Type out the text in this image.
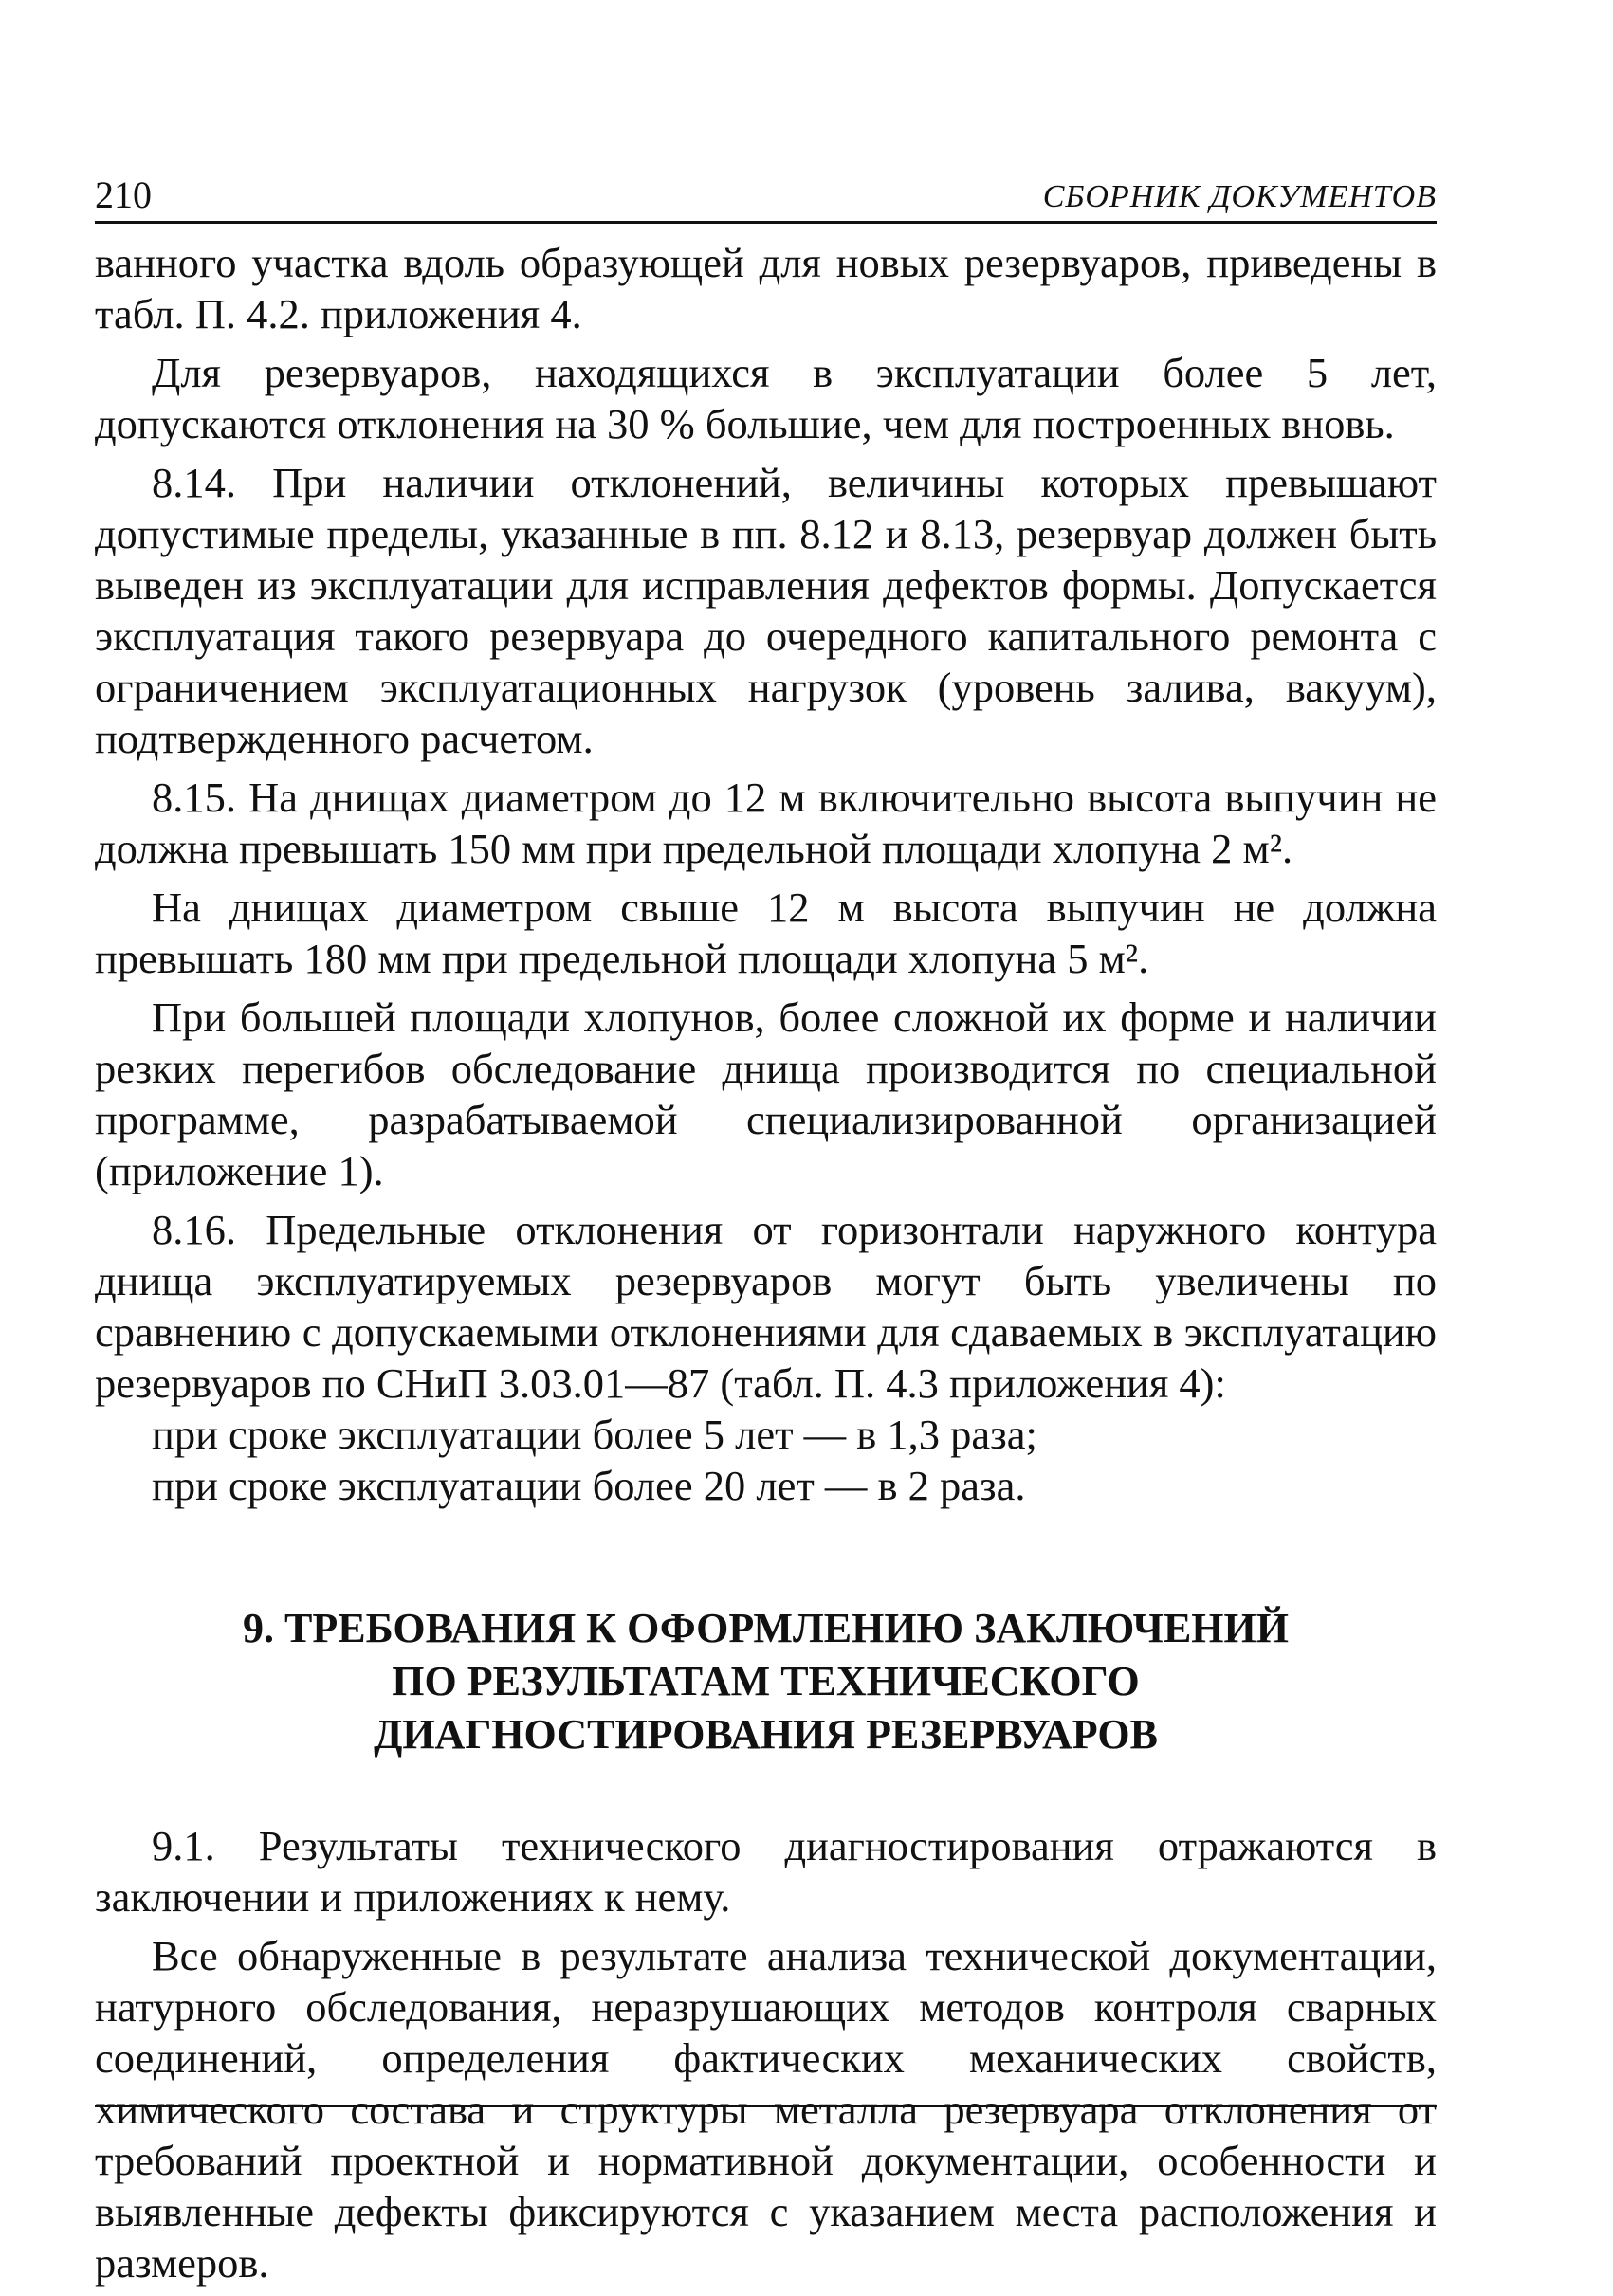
210	СБОРНИК ДОКУМЕНТОВ

ванного участка вдоль образующей для новых резервуаров, приведены в табл. П. 4.2. приложения 4.

Для резервуаров, находящихся в эксплуатации более 5 лет, допускаются отклонения на 30 % большие, чем для построенных вновь.

8.14. При наличии отклонений, величины которых превышают допустимые пределы, указанные в пп. 8.12 и 8.13, резервуар должен быть выведен из эксплуатации для исправления дефектов формы. Допускается эксплуатация такого резервуара до очередного капитального ремонта с ограничением эксплуатационных нагрузок (уровень залива, вакуум), подтвержденного расчетом.

8.15. На днищах диаметром до 12 м включительно высота выпучин не должна превышать 150 мм при предельной площади хлопуна 2 м².

На днищах диаметром свыше 12 м высота выпучин не должна превышать 180 мм при предельной площади хлопуна 5 м².

При большей площади хлопунов, более сложной их форме и наличии резких перегибов обследование днища производится по специальной программе, разрабатываемой специализированной организацией (приложение 1).

8.16. Предельные отклонения от горизонтали наружного контура днища эксплуатируемых резервуаров могут быть увеличены по сравнению с допускаемыми отклонениями для сдаваемых в эксплуатацию резервуаров по СНиП 3.03.01—87 (табл. П. 4.3 приложения 4):

при сроке эксплуатации более 5 лет — в 1,3 раза;

при сроке эксплуатации более 20 лет — в 2 раза.

9. ТРЕБОВАНИЯ К ОФОРМЛЕНИЮ ЗАКЛЮЧЕНИЙ
ПО РЕЗУЛЬТАТАМ ТЕХНИЧЕСКОГО
ДИАГНОСТИРОВАНИЯ РЕЗЕРВУАРОВ

9.1. Результаты технического диагностирования отражаются в заключении и приложениях к нему.

Все обнаруженные в результате анализа технической документации, натурного обследования, неразрушающих методов контроля сварных соединений, определения фактических механических свойств, химического состава и структуры металла резервуара отклонения от требований проектной и нормативной документации, особенности и выявленные дефекты фиксируются с указанием места расположения и размеров.
